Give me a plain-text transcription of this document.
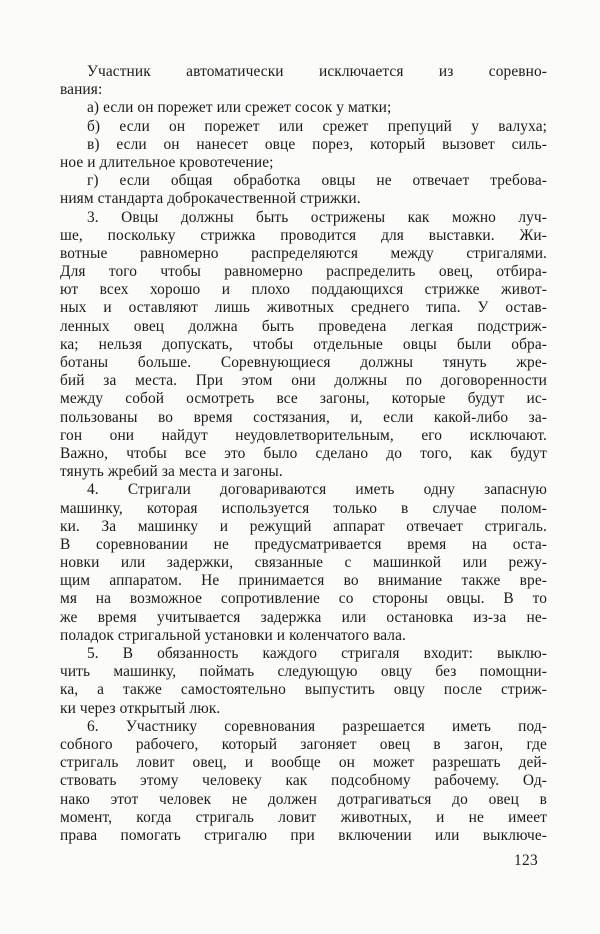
Участник автоматически исключается из соревно-
вания:
а) если он порежет или срежет сосок у матки;
б) если он порежет или срежет препуций у валуха;
в) если он нанесет овце порез, который вызовет силь-
ное и длительное кровотечение;
г) если общая обработка овцы не отвечает требова-
ниям стандарта доброкачественной стрижки.
3. Овцы должны быть острижены как можно луч-
ше, поскольку стрижка проводится для выставки. Жи-
вотные равномерно распределяются между стригалями.
Для того чтобы равномерно распределить овец, отбира-
ют всех хорошо и плохо поддающихся стрижке живот-
ных и оставляют лишь животных среднего типа. У остав-
ленных овец должна быть проведена легкая подстриж-
ка; нельзя допускать, чтобы отдельные овцы были обра-
ботаны больше. Соревнующиеся должны тянуть жре-
бий за места. При этом они должны по договоренности
между собой осмотреть все загоны, которые будут ис-
пользованы во время состязания, и, если какой-либо за-
гон они найдут неудовлетворительным, его исключают.
Важно, чтобы все это было сделано до того, как будут
тянуть жребий за места и загоны.
4. Стригали договариваются иметь одну запасную
машинку, которая используется только в случае полом-
ки. За машинку и режущий аппарат отвечает стригаль.
В соревновании не предусматривается время на оста-
новки или задержки, связанные с машинкой или режу-
щим аппаратом. Не принимается во внимание также вре-
мя на возможное сопротивление со стороны овцы. В то
же время учитывается задержка или остановка из-за не-
поладок стригальной установки и коленчатого вала.
5. В обязанность каждого стригаля входит: выклю-
чить машинку, поймать следующую овцу без помощни-
ка, а также самостоятельно выпустить овцу после стриж-
ки через открытый люк.
6. Участнику соревнования разрешается иметь под-
собного рабочего, который загоняет овец в загон, где
стригаль ловит овец, и вообще он может разрешать дей-
ствовать этому человеку как подсобному рабочему. Од-
нако этот человек не должен дотрагиваться до овец в
момент, когда стригаль ловит животных, и не имеет
права помогать стригалю при включении или выключе-
123
